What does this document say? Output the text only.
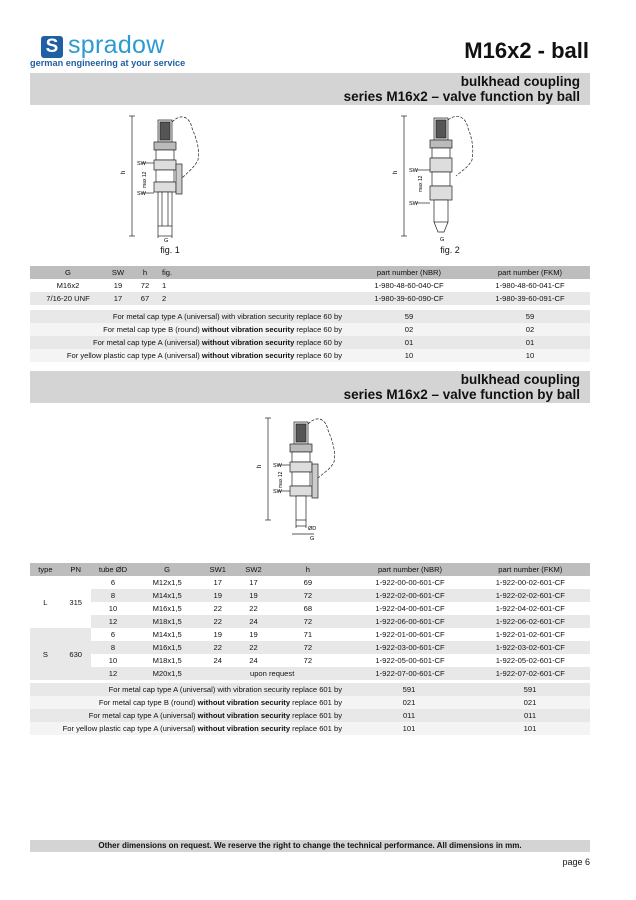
S spradow
german engineering at your service	M16x2 - ball
bulkhead coupling
series M16x2 – valve function by ball
h
SW
SW
max 12
G
fig. 1
h SW
SW
max 12
G
fig. 2
G	SW	h	fig.		part number (NBR)	part number (FKM)
M16x2	19	72	1		1-980-48-60-040-CF	1-980-48-60-041-CF
7/16-20 UNF	17	67	2		1-980-39-60-090-CF	1-980-39-60-091-CF
For metal cap type A (universal) with vibration security replace 60 by	59	59
For metal cap type B (round) without vibration security replace 60 by	02	02
For metal cap type A (universal) without vibration security replace 60 by	01	01
For yellow plastic cap type A (universal) without vibration security replace 60 by	10	10
bulkhead coupling
series M16x2 – valve function by ball
h SW
SW
max 12
ØD
G
type	PN	tube ØD	G	SW1	SW2	h		part number (NBR)	part number (FKM)
L	315	6	M12x1,5	17	17	69		1-922-00-00-601-CF	1-922-00-02-601-CF
		8	M14x1,5	19	19	72		1-922-02-00-601-CF	1-922-02-02-601-CF
		10	M16x1,5	22	22	68		1-922-04-00-601-CF	1-922-04-02-601-CF
		12	M18x1,5	22	24	72		1-922-06-00-601-CF	1-922-06-02-601-CF
S	630	6	M14x1,5	19	19	71		1-922-01-00-601-CF	1-922-01-02-601-CF
		8	M16x1,5	22	22	72		1-922-03-00-601-CF	1-922-03-02-601-CF
		10	M18x1,5	24	24	72		1-922-05-00-601-CF	1-922-05-02-601-CF
		12	M20x1,5	upon request				1-922-07-00-601-CF	1-922-07-02-601-CF
For metal cap type A (universal) with vibration security replace 601 by	591	591
For metal cap type B (round) without vibration security replace 601 by	021	021
For metal cap type A (universal) without vibration security replace 601 by	011	011
For yellow plastic cap type A (universal) without vibration security replace 601 by	101	101
Other dimensions on request. We reserve the right to change the technical performance. All dimensions in mm.
page 6
